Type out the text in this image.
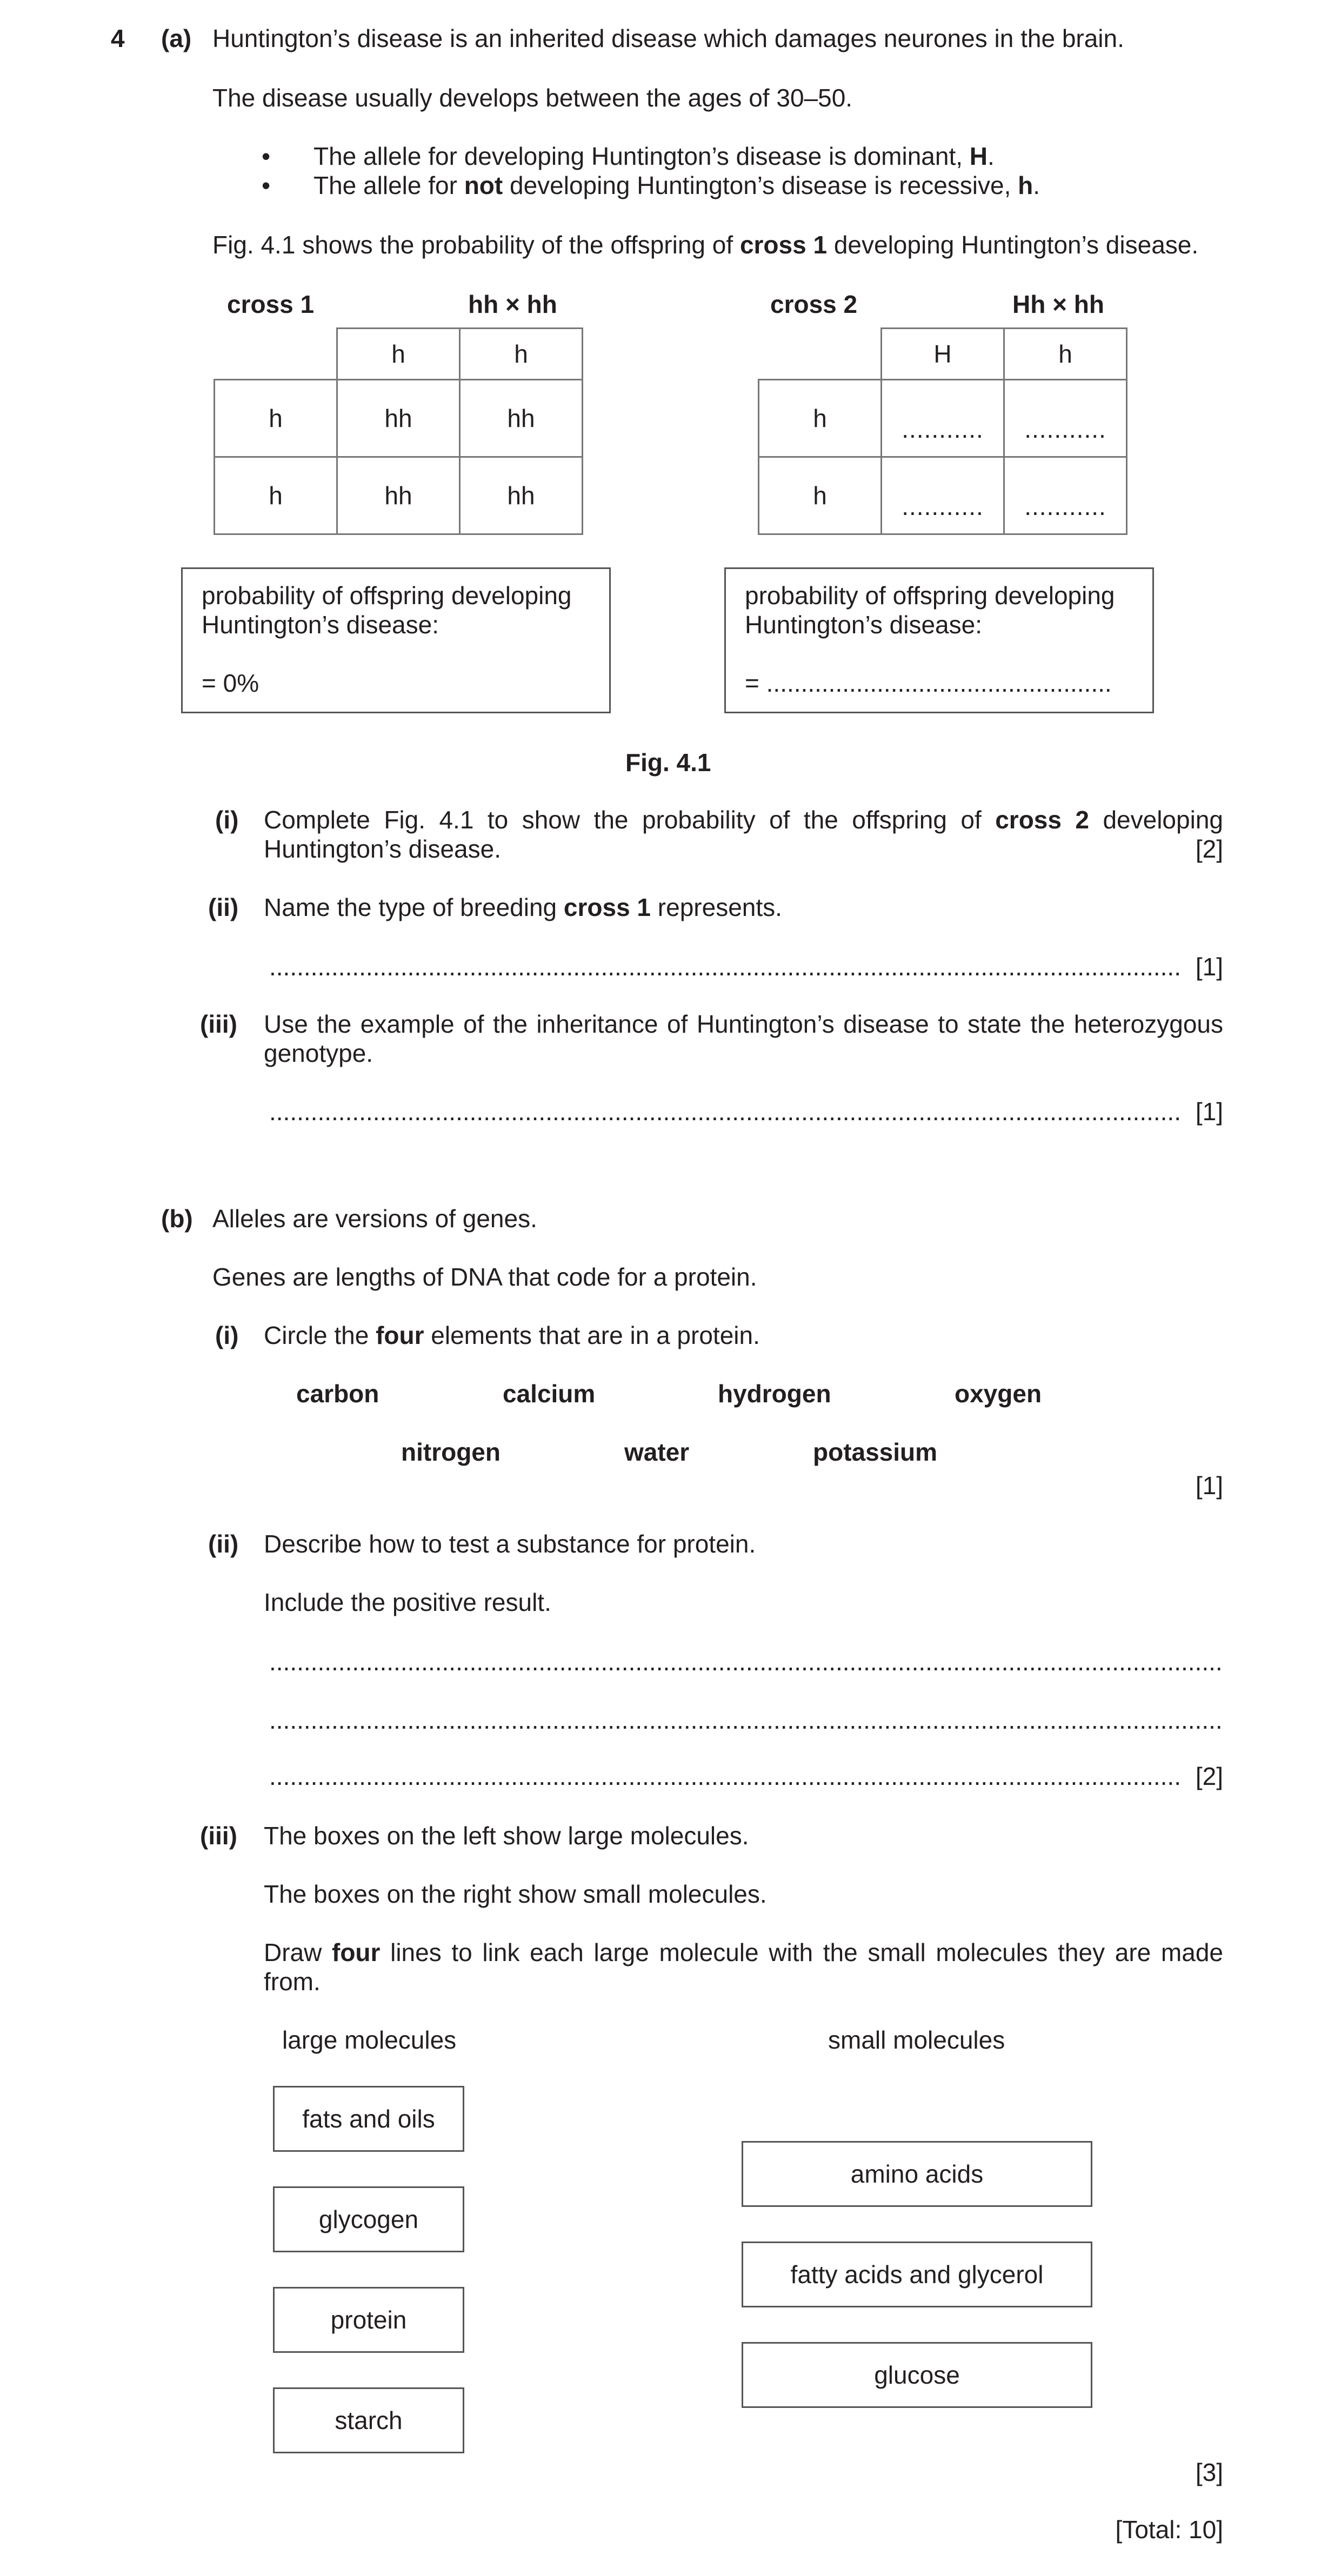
4 (a) Huntington’s disease is an inherited disease which damages neurones in the brain.
The disease usually develops between the ages of 30–50.
• The allele for developing Huntington’s disease is dominant, H.
• The allele for not developing Huntington’s disease is recessive, h.
Fig. 4.1 shows the probability of the offspring of cross 1 developing Huntington’s disease.
cross 1	hh × hh
	h	h
h	hh	hh
h	hh	hh
probability of offspring developing
Huntington’s disease:
= 0%
cross 2	Hh × hh
	H	h
h	...........	...........
h	...........	...........
probability of offspring developing
Huntington’s disease:
= ..................................................
Fig. 4.1
(i) Complete Fig. 4.1 to show the probability of the offspring of cross 2 developing Huntington’s disease.	[2]
(ii) Name the type of breeding cross 1 represents.
.....
[1]
(iii) Use the example of the inheritance of Huntington’s disease to state the heterozygous genotype.
.....
[1]
(b) Alleles are versions of genes.
Genes are lengths of DNA that code for a protein.
(i) Circle the four elements that are in a protein.
carbon	calcium	hydrogen	oxygen
nitrogen	water	potassium
[1]
(ii) Describe how to test a substance for protein.
Include the positive result.
.....
.....
.....
[2]
(iii) The boxes on the left show large molecules.
The boxes on the right show small molecules.
Draw four lines to link each large molecule with the small molecules they are made from.
large molecules	small molecules
fats and oils
glycogen
protein
starch
amino acids
fatty acids and glycerol
glucose
[3]
[Total: 10]
